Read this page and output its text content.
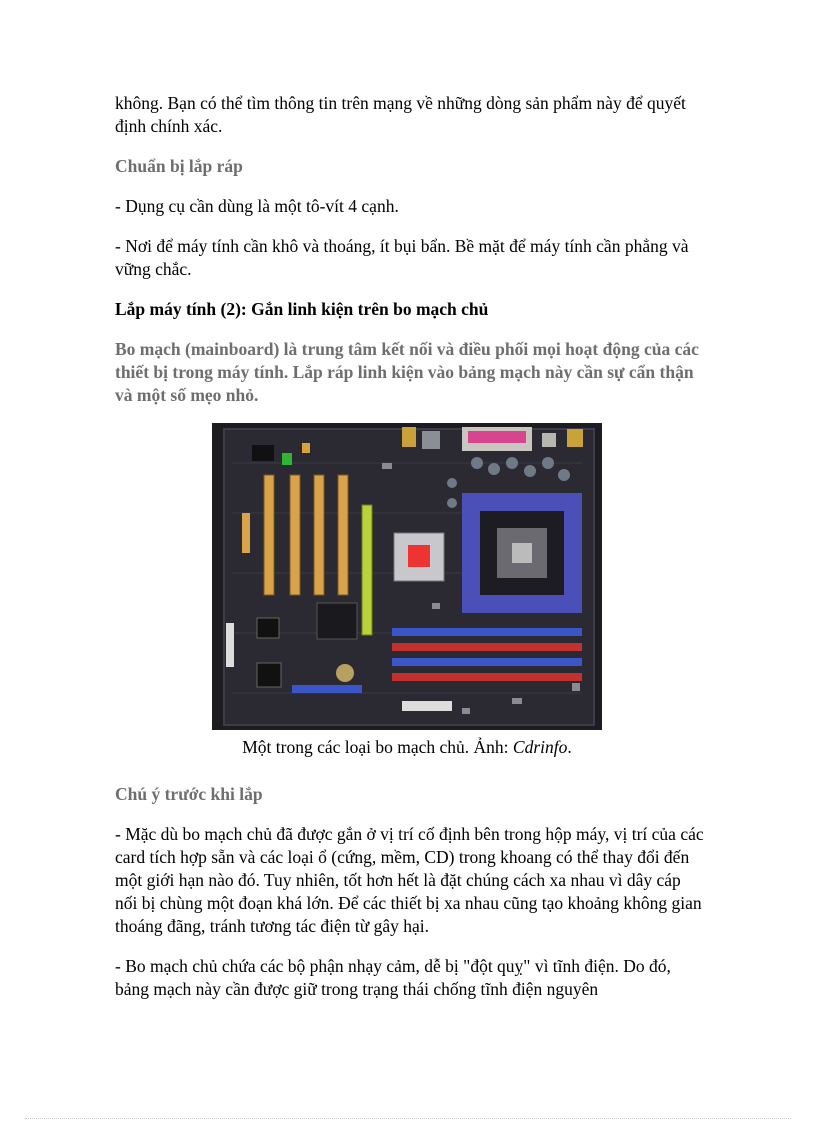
không. Bạn có thể tìm thông tin trên mạng về những dòng sản phẩm này để quyết định chính xác.

Chuẩn bị lắp ráp

- Dụng cụ cần dùng là một tô-vít 4 cạnh.

- Nơi để máy tính cần khô và thoáng, ít bụi bẩn. Bề mặt để máy tính cần phẳng và vững chắc.

Lắp máy tính (2): Gắn linh kiện trên bo mạch chủ

Bo mạch (mainboard) là trung tâm kết nối và điều phối mọi hoạt động của các thiết bị trong máy tính. Lắp ráp linh kiện vào bảng mạch này cần sự cẩn thận và một số mẹo nhỏ.

Một trong các loại bo mạch chủ. Ảnh: Cdrinfo.

Chú ý trước khi lắp

- Mặc dù bo mạch chủ đã được gắn ở vị trí cố định bên trong hộp máy, vị trí của các card tích hợp sẵn và các loại ổ (cứng, mềm, CD) trong khoang có thể thay đổi đến một giới hạn nào đó. Tuy nhiên, tốt hơn hết là đặt chúng cách xa nhau vì dây cáp nối bị chùng một đoạn khá lớn. Để các thiết bị xa nhau cũng tạo khoảng không gian thoáng đãng, tránh tương tác điện từ gây hại.

- Bo mạch chủ chứa các bộ phận nhạy cảm, dễ bị "đột quỵ" vì tĩnh điện. Do đó, bảng mạch này cần được giữ trong trạng thái chống tĩnh điện nguyên
